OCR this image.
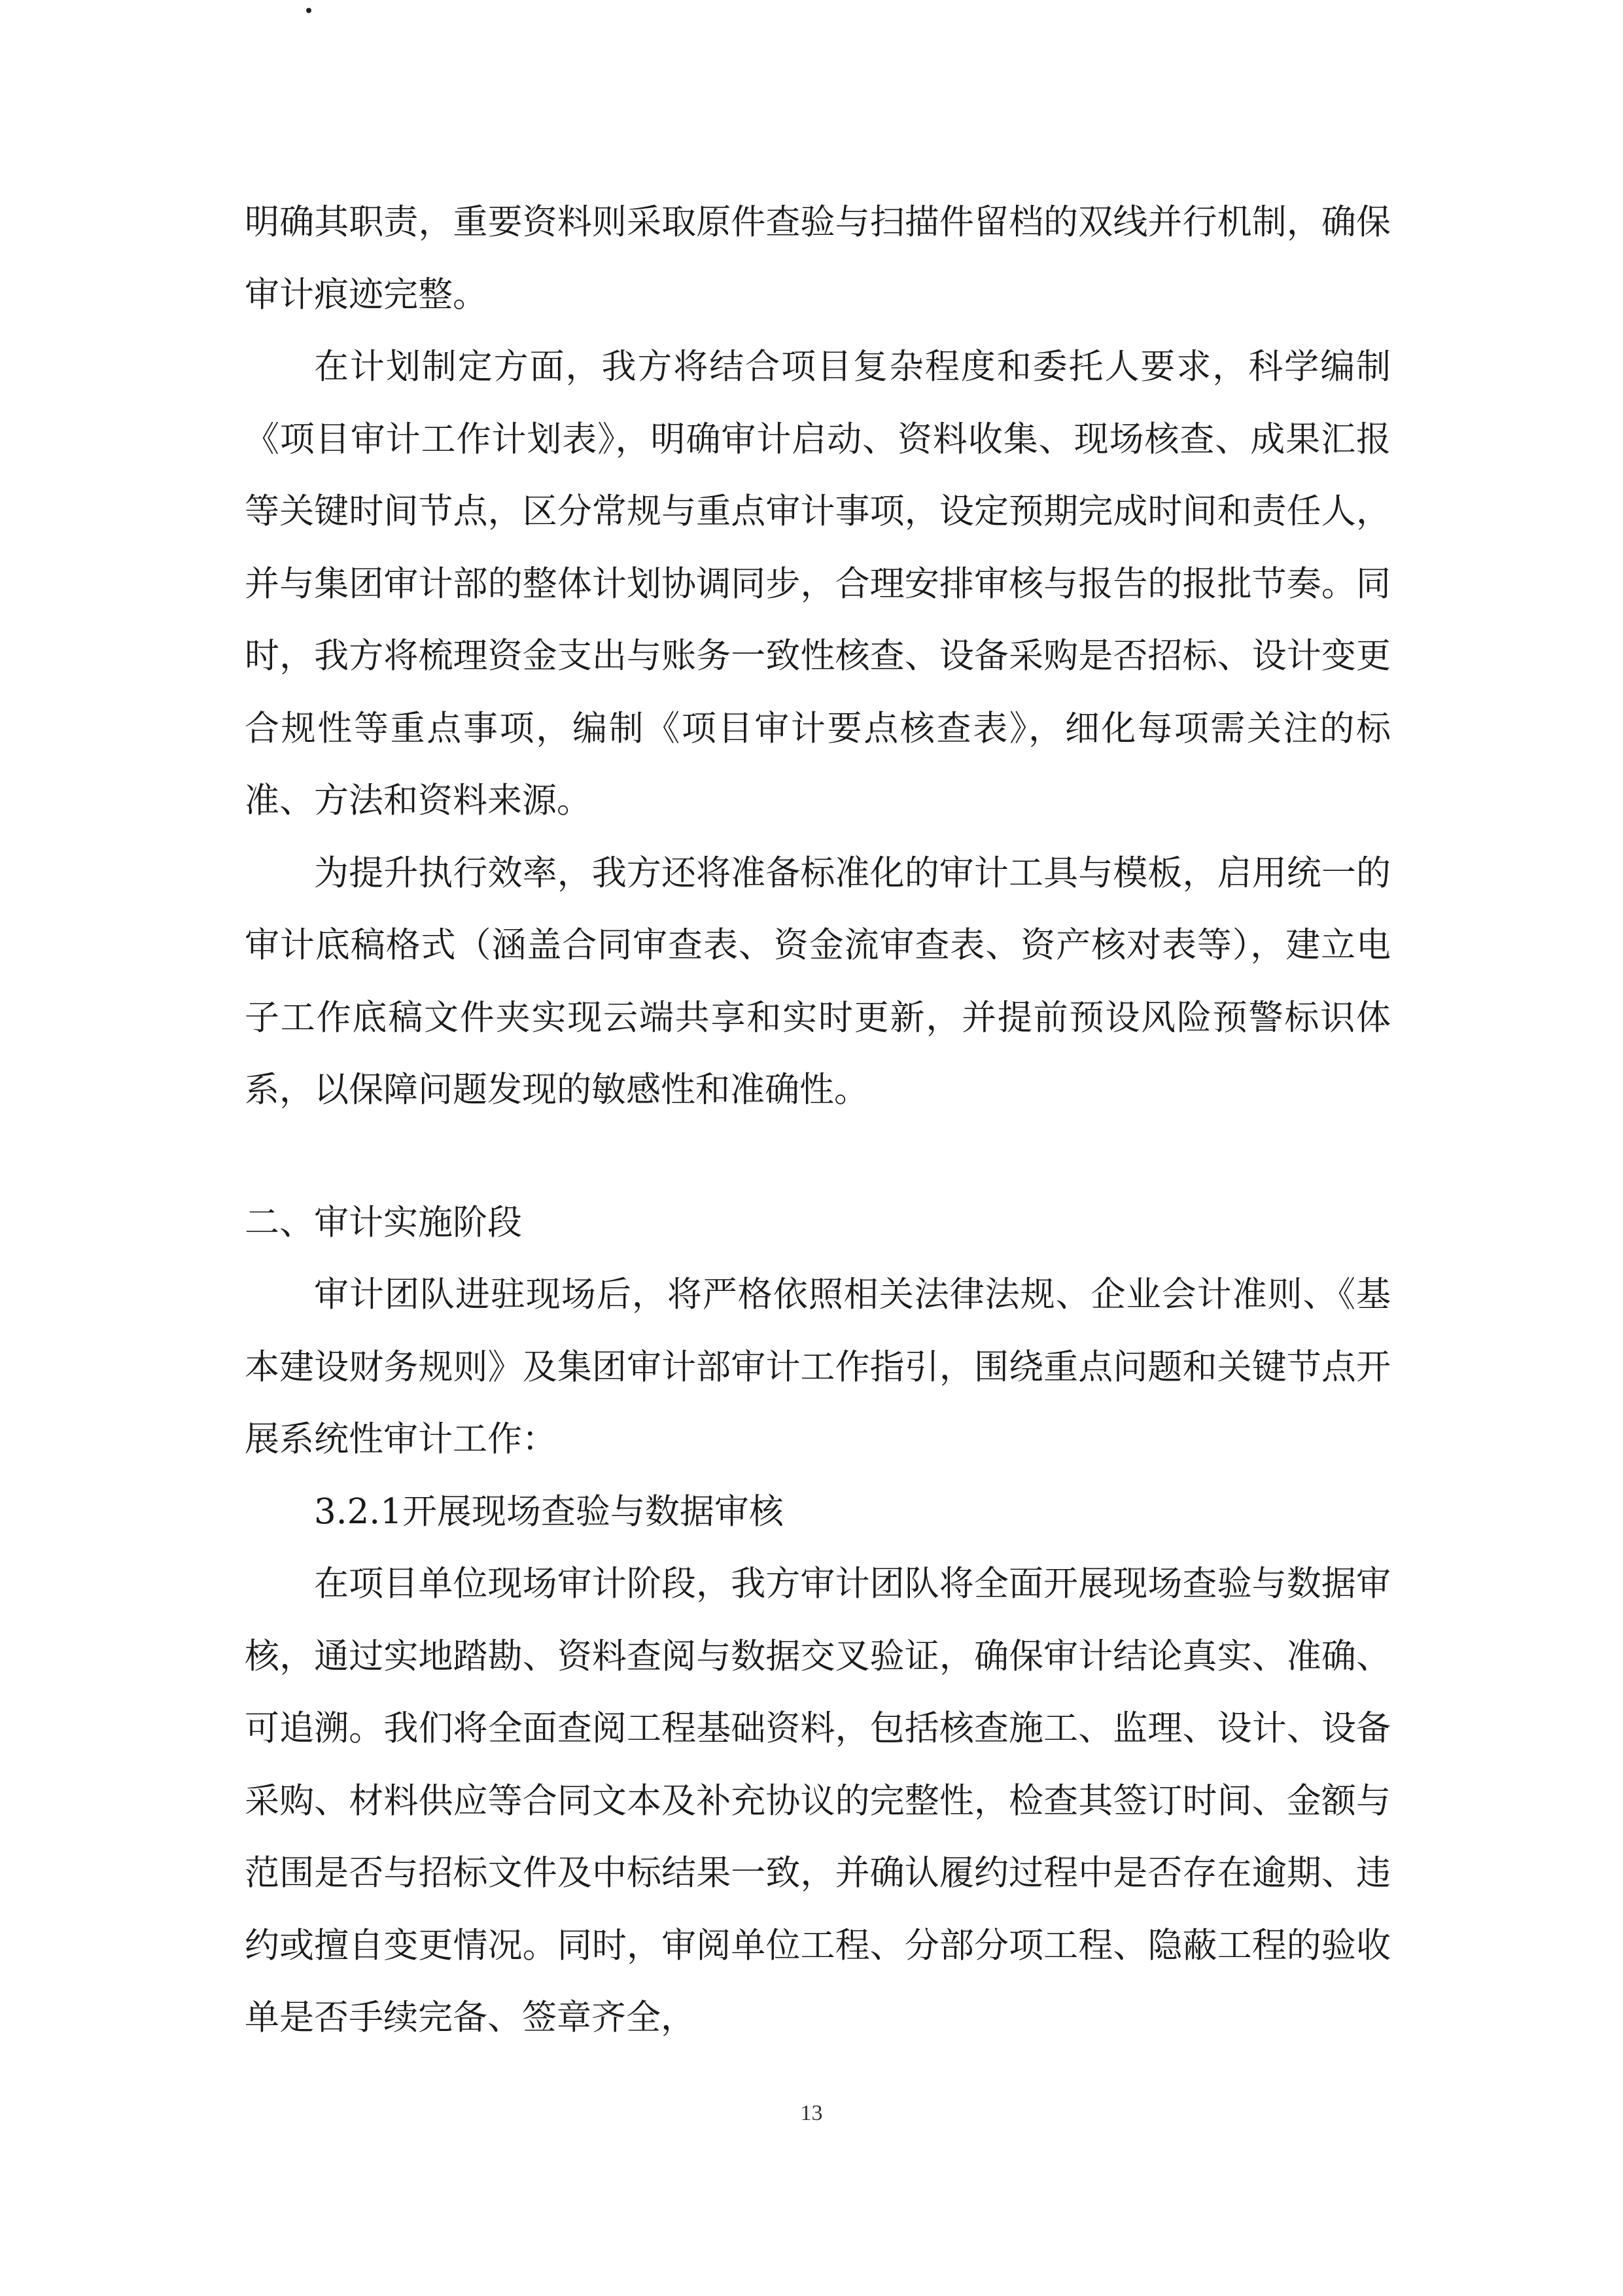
明确其职责，重要资料则采取原件查验与扫描件留档的双线并行机制，确保审计痕迹完整。

在计划制定方面，我方将结合项目复杂程度和委托人要求，科学编制《项目审计工作计划表》，明确审计启动、资料收集、现场核查、成果汇报等关键时间节点，区分常规与重点审计事项，设定预期完成时间和责任人，并与集团审计部的整体计划协调同步，合理安排审核与报告的报批节奏。同时，我方将梳理资金支出与账务一致性核查、设备采购是否招标、设计变更合规性等重点事项，编制《项目审计要点核查表》，细化每项需关注的标准、方法和资料来源。

为提升执行效率，我方还将准备标准化的审计工具与模板，启用统一的审计底稿格式（涵盖合同审查表、资金流审查表、资产核对表等），建立电子工作底稿文件夹实现云端共享和实时更新，并提前预设风险预警标识体系，以保障问题发现的敏感性和准确性。

二、审计实施阶段

审计团队进驻现场后，将严格依照相关法律法规、企业会计准则、《基本建设财务规则》及集团审计部审计工作指引，围绕重点问题和关键节点开展系统性审计工作：

3.2.1开展现场查验与数据审核

在项目单位现场审计阶段，我方审计团队将全面开展现场查验与数据审核，通过实地踏勘、资料查阅与数据交叉验证，确保审计结论真实、准确、可追溯。我们将全面查阅工程基础资料，包括核查施工、监理、设计、设备采购、材料供应等合同文本及补充协议的完整性，检查其签订时间、金额与范围是否与招标文件及中标结果一致，并确认履约过程中是否存在逾期、违约或擅自变更情况。同时，审阅单位工程、分部分项工程、隐蔽工程的验收单是否手续完备、签章齐全，

13
